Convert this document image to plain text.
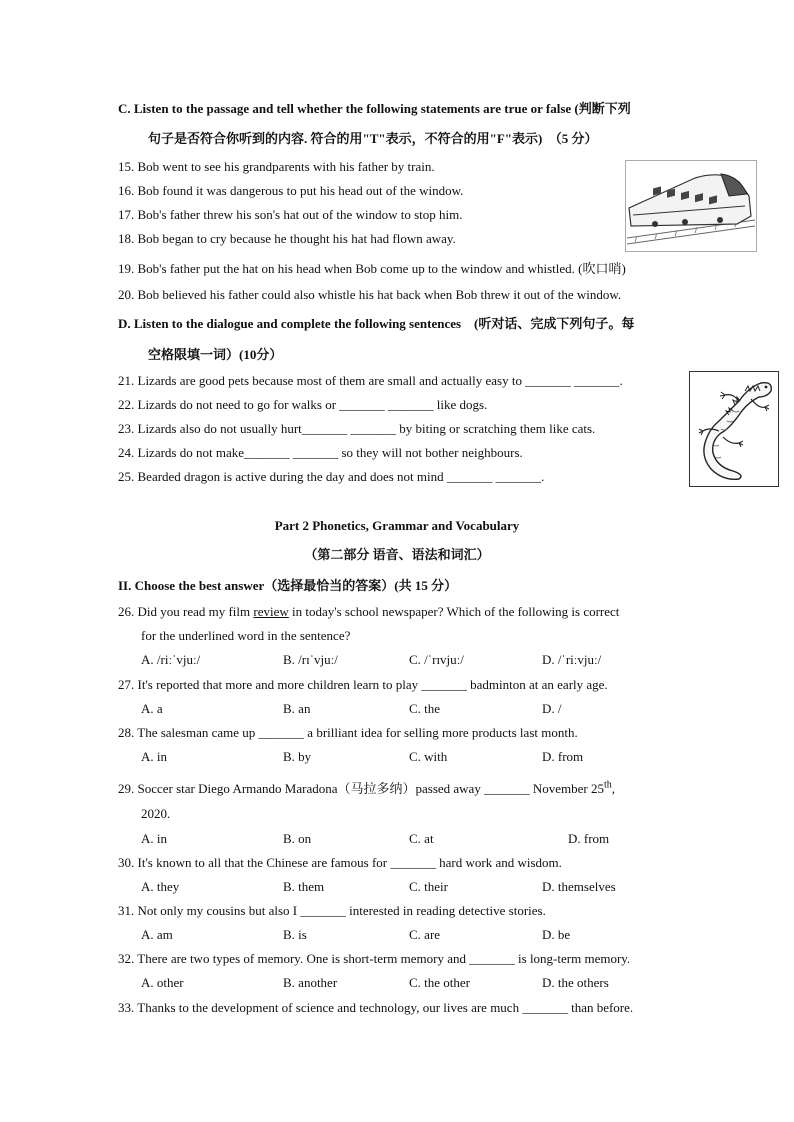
C. Listen to the passage and tell whether the following statements are true or false (判断下列
句子是否符合你听到的内容. 符合的用"T"表示，不符合的用"F"表示)　（5 分）
15. Bob went to see his grandparents with his father by train.
16. Bob found it was dangerous to put his head out of the window.
17. Bob's father threw his son's hat out of the window to stop him.
18. Bob began to cry because he thought his hat had flown away.
19. Bob's father put the hat on his head when Bob come up to the window and whistled. (吹口哨)
20. Bob believed his father could also whistle his hat back when Bob threw it out of the window.
D. Listen to the dialogue and complete the following sentences　(听对话、完成下列句子。每
空格限填一词）(10分）
21. Lizards are good pets because most of them are small and actually easy to _______ _______.
22. Lizards do not need to go for walks or _______ _______ like dogs.
23. Lizards also do not usually hurt_______ _______ by biting or scratching them like cats.
24. Lizards do not make_______ _______ so they will not bother neighbours.
25. Bearded dragon is active during the day and does not mind _______ _______.
Part 2 Phonetics, Grammar and Vocabulary
（第二部分 语音、语法和词汇）
II. Choose the best answer（选择最恰当的答案）(共 15 分）
26. Did you read my film review in today's school newspaper? Which of the following is correct
for the underlined word in the sentence?
A. /riːˈvjuː/	B. /rɪˈvjuː/	C. /ˈrɪvjuː/	D. /ˈriːvjuː/
27. It's reported that more and more children learn to play _______ badminton at an early age.
A. a	B. an	C. the	D. /
28. The salesman came up _______ a brilliant idea for selling more products last month.
A. in	B. by	C. with	D. from
29. Soccer star Diego Armando Maradona（马拉多纳）passed away _______ November 25th,
2020.
A. in	B. on	C. at	D. from
30. It's known to all that the Chinese are famous for _______ hard work and wisdom.
A. they	B. them	C. their	D. themselves
31. Not only my cousins but also I _______ interested in reading detective stories.
A. am	B. is	C. are	D. be
32. There are two types of memory. One is short-term memory and _______ is long-term memory.
A. other	B. another	C. the other	D. the others
33. Thanks to the development of science and technology, our lives are much _______ than before.
